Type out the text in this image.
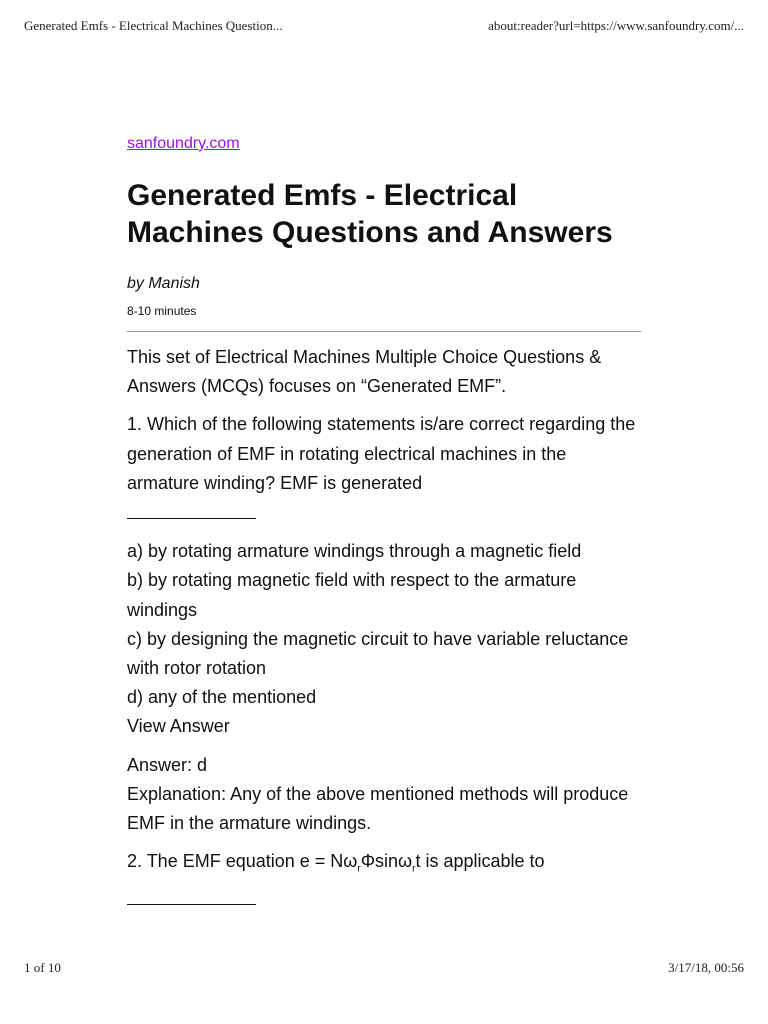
Generated Emfs - Electrical Machines Question...	about:reader?url=https://www.sanfoundry.com/...
sanfoundry.com
Generated Emfs - Electrical Machines Questions and Answers
by Manish
8-10 minutes

This set of Electrical Machines Multiple Choice Questions & Answers (MCQs) focuses on “Generated EMF”.

1. Which of the following statements is/are correct regarding the generation of EMF in rotating electrical machines in the armature winding? EMF is generated

a) by rotating armature windings through a magnetic field
b) by rotating magnetic field with respect to the armature windings
c) by designing the magnetic circuit to have variable reluctance with rotor rotation
d) any of the mentioned
View Answer

Answer: d
Explanation: Any of the above mentioned methods will produce EMF in the armature windings.

2. The EMF equation $e = N\omega_r\Phi\sin\omega_rt$ is applicable to

1 of 10	3/17/18, 00:56
